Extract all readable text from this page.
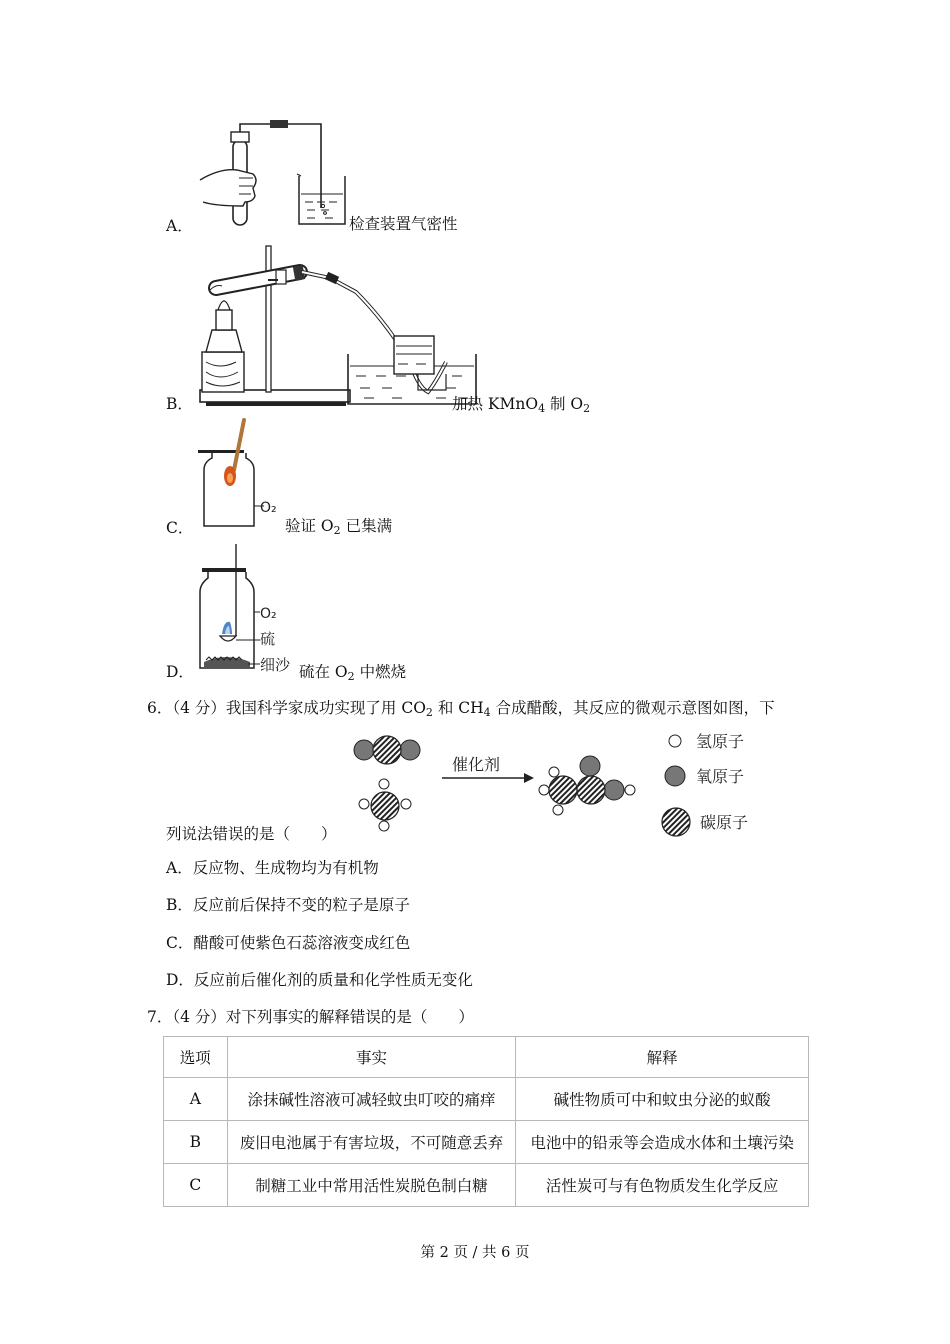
A．	检查装置气密性
B．	加热 KMnO$_4$ 制 $O_2$
O₂
C．	验证 $O_2$ 已集满
O₂
硫
细沙
D．	硫在 $O_2$ 中燃烧
6．（4 分）我国科学家成功实现了用 $CO_2$ 和 $CH_4$ 合成醋酸，其反应的微观示意图如图，下
催化剂
氢原子
氧原子
碳原子
列说法错误的是（　　）
A．反应物、生成物均为有机物
B．反应前后保持不变的粒子是原子
C．醋酸可使紫色石蕊溶液变成红色
D．反应前后催化剂的质量和化学性质无变化
7．（4 分）对下列事实的解释错误的是（　　）
选项	事实	解释
A	涂抹碱性溶液可减轻蚊虫叮咬的痛痒	碱性物质可中和蚊虫分泌的蚁酸
B	废旧电池属于有害垃圾，不可随意丢弃	电池中的铅汞等会造成水体和土壤污染
C	制糖工业中常用活性炭脱色制白糖	活性炭可与有色物质发生化学反应
第 2 页 / 共 6 页
